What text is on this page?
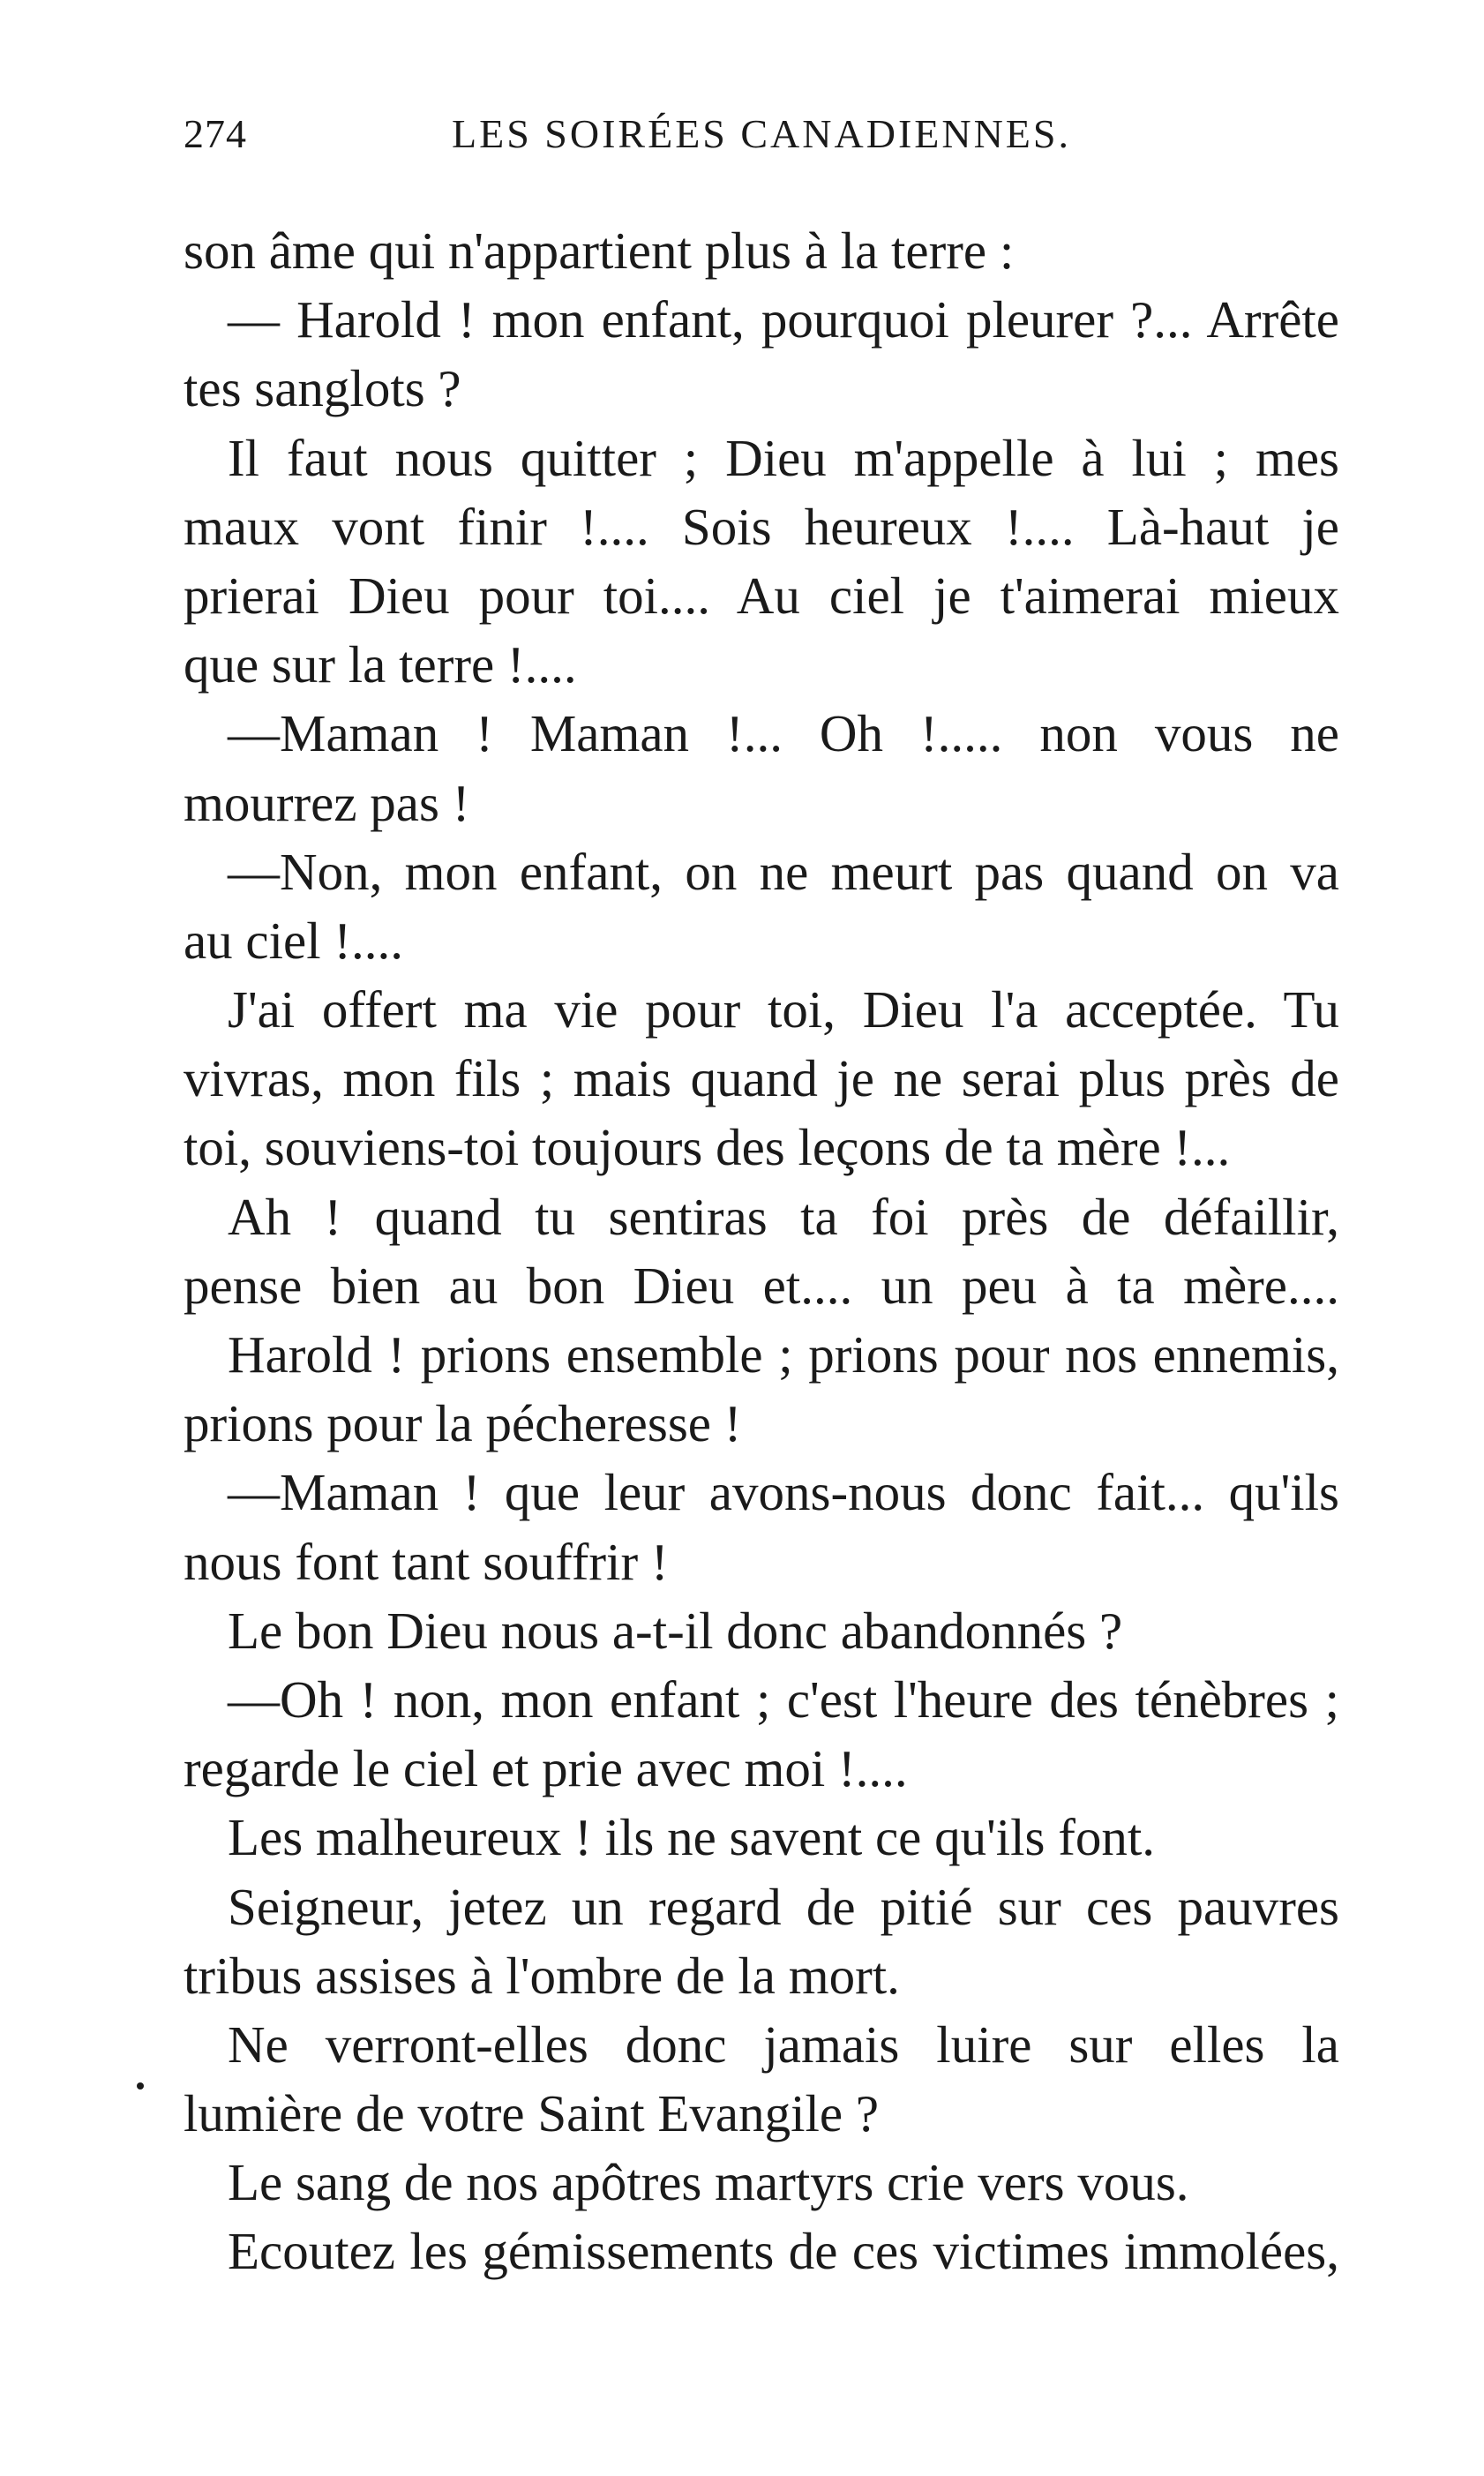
274	LES SOIRÉES CANADIENNES.
son âme qui n'appartient plus à la terre :
— Harold ! mon enfant, pourquoi pleurer ?... Arrête
tes sanglots ?
Il faut nous quitter ; Dieu m'appelle à lui ; mes
maux vont finir !.... Sois heureux !.... Là-haut je
prierai Dieu pour toi.... Au ciel je t'aimerai mieux
que sur la terre !....
—Maman ! Maman !... Oh !..... non vous ne
mourrez pas !
—Non, mon enfant, on ne meurt pas quand on va
au ciel !....
J'ai offert ma vie pour toi, Dieu l'a acceptée. Tu
vivras, mon fils ; mais quand je ne serai plus près de
toi, souviens-toi toujours des leçons de ta mère !...
Ah ! quand tu sentiras ta foi près de défaillir,
pense bien au bon Dieu et.... un peu à ta mère....
Harold ! prions ensemble ; prions pour nos ennemis,
prions pour la pécheresse !
—Maman ! que leur avons-nous donc fait... qu'ils
nous font tant souffrir !
Le bon Dieu nous a-t-il donc abandonnés ?
—Oh ! non, mon enfant ; c'est l'heure des ténèbres ;
regarde le ciel et prie avec moi !....
Les malheureux ! ils ne savent ce qu'ils font.
Seigneur, jetez un regard de pitié sur ces pauvres
tribus assises à l'ombre de la mort.
Ne verront-elles donc jamais luire sur elles la
lumière de votre Saint Evangile ?
Le sang de nos apôtres martyrs crie vers vous.
Ecoutez les gémissements de ces victimes immolées,
